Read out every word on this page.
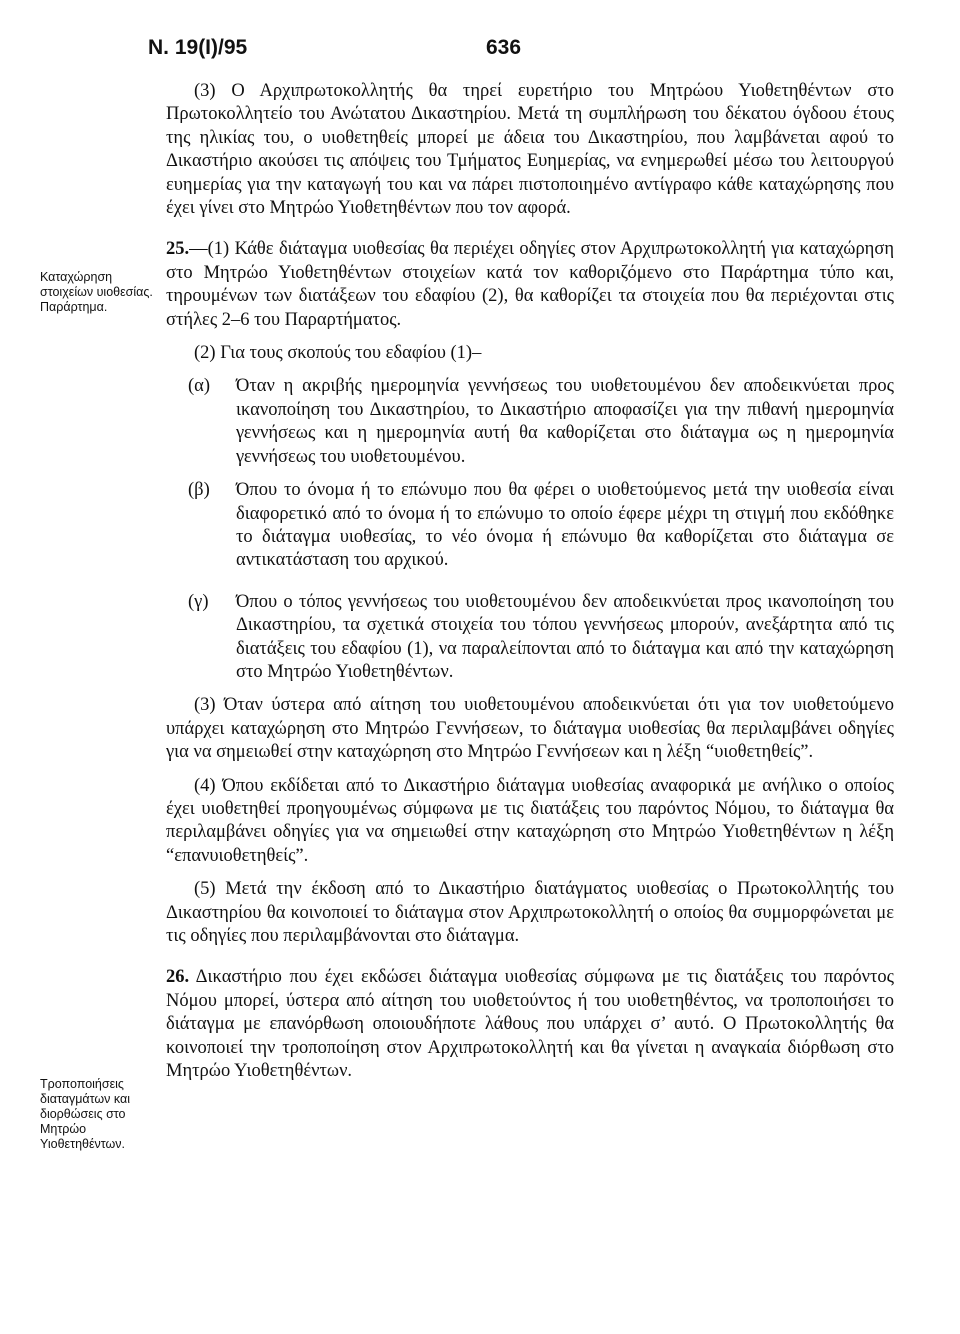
Ν. 19(Ι)/95	636
Καταχώρηση στοιχείων υιοθεσίας. Παράρτημα.
Τροποποιήσεις διαταγμάτων και διορθώσεις στο Μητρώο Υιοθετηθέντων.

(3) Ο Αρχιπρωτοκολλητής θα τηρεί ευρετήριο του Μητρώου Υιοθετηθέντων στο Πρωτοκολλητείο του Ανώτατου Δικαστηρίου. Μετά τη συμπλήρωση του δέκατου όγδοου έτους της ηλικίας του, ο υιοθετηθείς μπορεί με άδεια του Δικαστηρίου, που λαμβάνεται αφού το Δικαστήριο ακούσει τις απόψεις του Τμήματος Ευημερίας, να ενημερωθεί μέσω του λειτουργού ευημερίας για την καταγωγή του και να πάρει πιστοποιημένο αντίγραφο κάθε καταχώρησης που έχει γίνει στο Μητρώο Υιοθετηθέντων που τον αφορά.

25.—(1) Κάθε διάταγμα υιοθεσίας θα περιέχει οδηγίες στον Αρχιπρωτοκολλητή για καταχώρηση στο Μητρώο Υιοθετηθέντων στοιχείων κατά τον καθοριζόμενο στο Παράρτημα τύπο και, τηρουμένων των διατάξεων του εδαφίου (2), θα καθορίζει τα στοιχεία που θα περιέχονται στις στήλες 2–6 του Παραρτήματος.

(2) Για τους σκοπούς του εδαφίου (1)–

(α) Όταν η ακριβής ημερομηνία γεννήσεως του υιοθετουμένου δεν αποδεικνύεται προς ικανοποίηση του Δικαστηρίου, το Δικαστήριο αποφασίζει για την πιθανή ημερομηνία γεννήσεως και η ημερομηνία αυτή θα καθορίζεται στο διάταγμα ως η ημερομηνία γεννήσεως του υιοθετουμένου.

(β) Όπου το όνομα ή το επώνυμο που θα φέρει ο υιοθετούμενος μετά την υιοθεσία είναι διαφορετικό από το όνομα ή το επώνυμο το οποίο έφερε μέχρι τη στιγμή που εκδόθηκε το διάταγμα υιοθεσίας, το νέο όνομα ή επώνυμο θα καθορίζεται στο διάταγμα σε αντικατάσταση του αρχικού.

(γ) Όπου ο τόπος γεννήσεως του υιοθετουμένου δεν αποδεικνύεται προς ικανοποίηση του Δικαστηρίου, τα σχετικά στοιχεία του τόπου γεννήσεως μπορούν, ανεξάρτητα από τις διατάξεις του εδαφίου (1), να παραλείπονται από το διάταγμα και από την καταχώρηση στο Μητρώο Υιοθετηθέντων.

(3) Όταν ύστερα από αίτηση του υιοθετουμένου αποδεικνύεται ότι για τον υιοθετούμενο υπάρχει καταχώρηση στο Μητρώο Γεννήσεων, το διάταγμα υιοθεσίας θα περιλαμβάνει οδηγίες για να σημειωθεί στην καταχώρηση στο Μητρώο Γεννήσεων και η λέξη “υιοθετηθείς”.

(4) Όπου εκδίδεται από το Δικαστήριο διάταγμα υιοθεσίας αναφορικά με ανήλικο ο οποίος έχει υιοθετηθεί προηγουμένως σύμφωνα με τις διατάξεις του παρόντος Νόμου, το διάταγμα θα περιλαμβάνει οδηγίες για να σημειωθεί στην καταχώρηση στο Μητρώο Υιοθετηθέντων η λέξη “επανυιοθετηθείς”.

(5) Μετά την έκδοση από το Δικαστήριο διατάγματος υιοθεσίας ο Πρωτοκολλητής του Δικαστηρίου θα κοινοποιεί το διάταγμα στον Αρχιπρωτοκολλητή ο οποίος θα συμμορφώνεται με τις οδηγίες που περιλαμβάνονται στο διάταγμα.

26. Δικαστήριο που έχει εκδώσει διάταγμα υιοθεσίας σύμφωνα με τις διατάξεις του παρόντος Νόμου μπορεί, ύστερα από αίτηση του υιοθετούντος ή του υιοθετηθέντος, να τροποποιήσει το διάταγμα με επανόρθωση οποιουδήποτε λάθους που υπάρχει σ’ αυτό. Ο Πρωτοκολλητής θα κοινοποιεί την τροποποίηση στον Αρχιπρωτοκολλητή και θα γίνεται η αναγκαία διόρθωση στο Μητρώο Υιοθετηθέντων.
